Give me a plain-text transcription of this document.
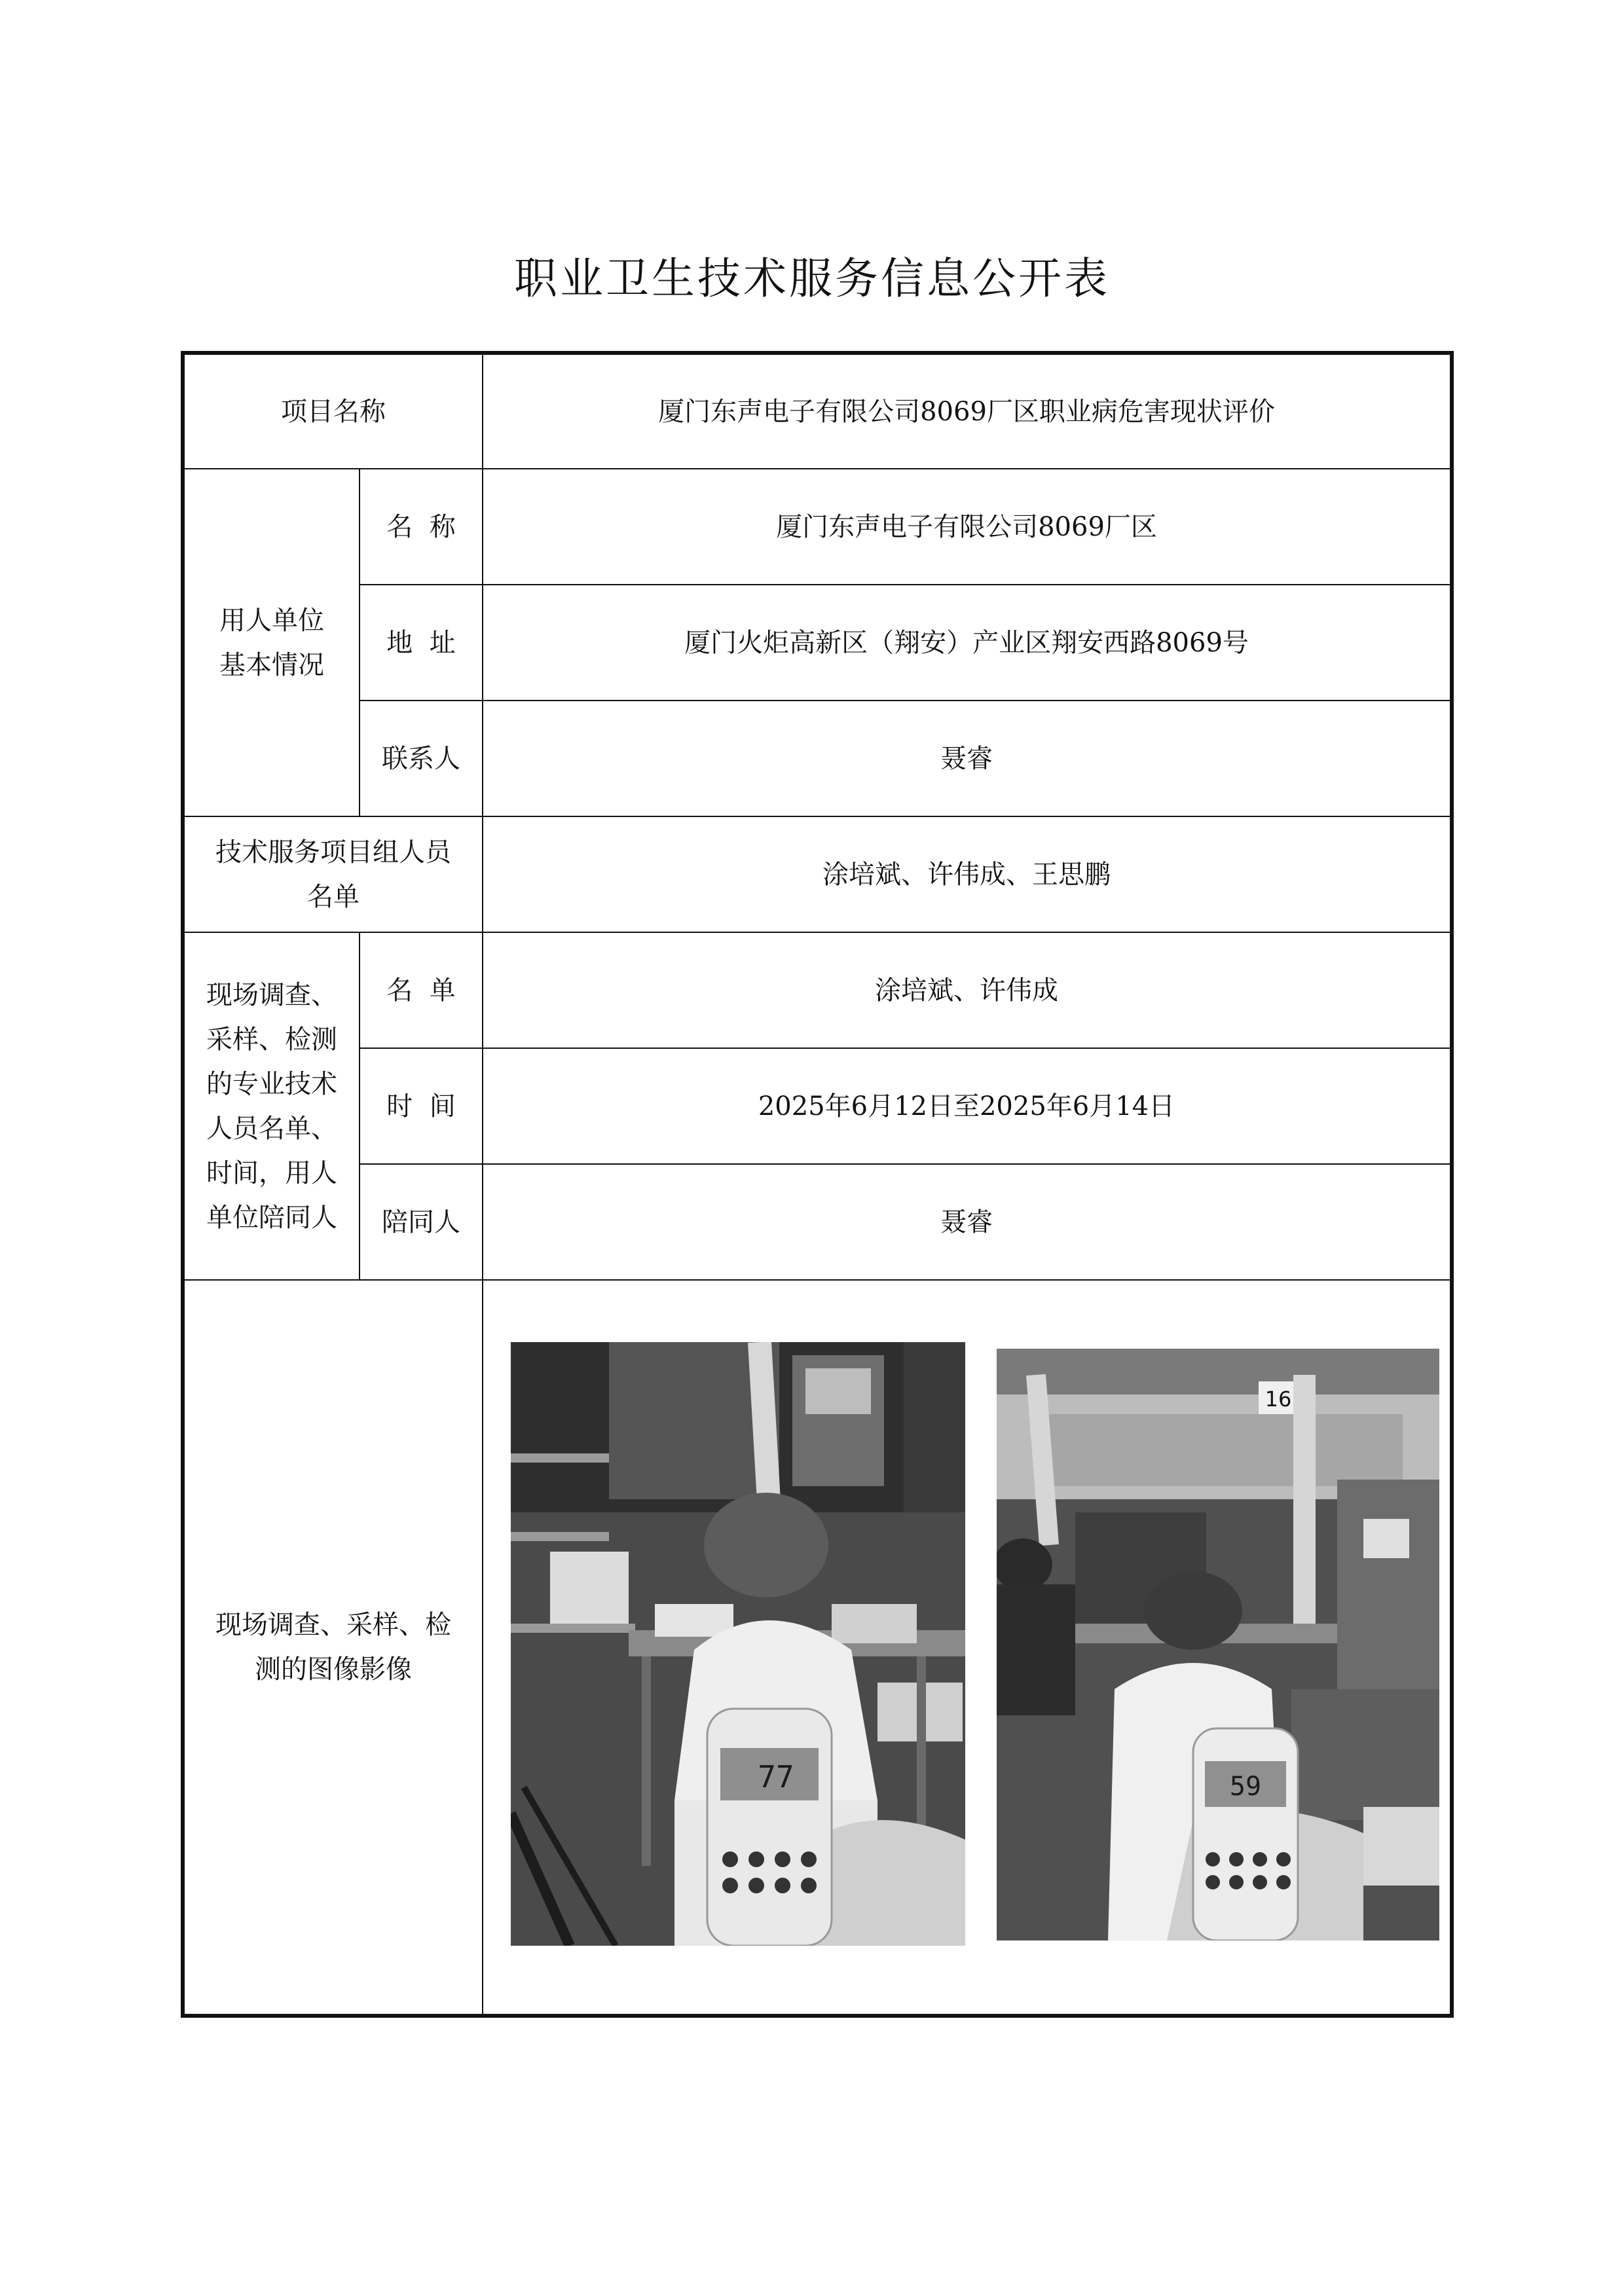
职业卫生技术服务信息公开表
项目名称		厦门东声电子有限公司8069厂区职业病危害现状评价
用人单位基本情况	名  称	厦门东声电子有限公司8069厂区
	地  址	厦门火炬高新区（翔安）产业区翔安西路8069号
	联系人	聂睿
技术服务项目组人员名单		涂培斌、许伟成、王思鹏
现场调查、采样、检测的专业技术人员名单、时间，用人单位陪同人	名  单	涂培斌、许伟成
	时  间	2025年6月12日至2025年6月14日
	陪同人	聂睿
现场调查、采样、检测的图像影像		77
16
59
